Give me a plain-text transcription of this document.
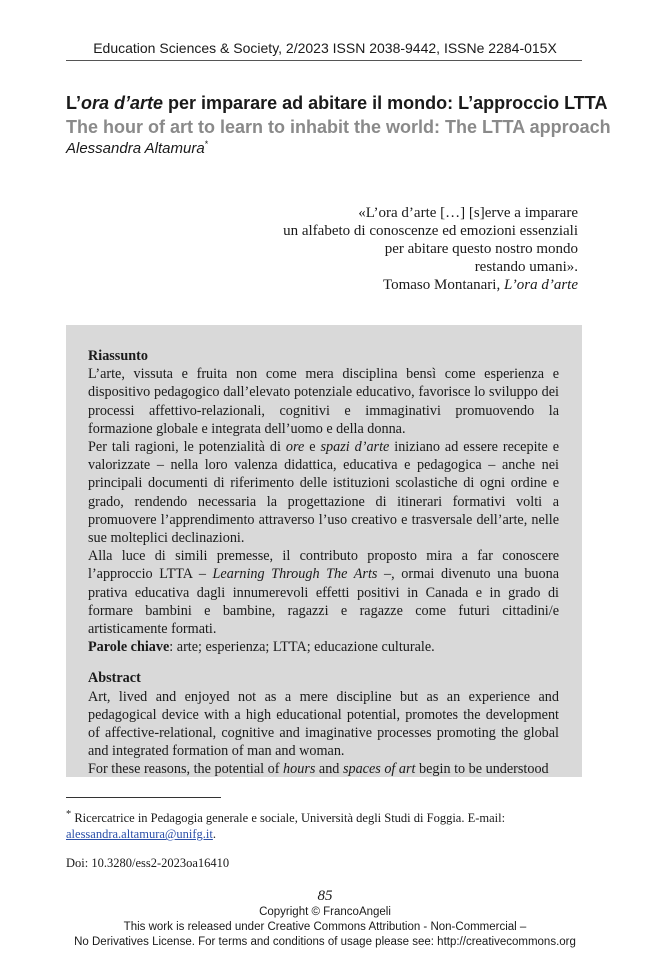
Education Sciences & Society, 2/2023 ISSN 2038-9442, ISSNe 2284-015X
L’ora d’arte per imparare ad abitare il mondo: L’approccio LTTA
The hour of art to learn to inhabit the world: The LTTA approach
Alessandra Altamura*
«L’ora d’arte […] [s]erve a imparare
un alfabeto di conoscenze ed emozioni essenziali
per abitare questo nostro mondo
restando umani».
Tomaso Montanari, L’ora d’arte
Riassunto

L’arte, vissuta e fruita non come mera disciplina bensì come esperienza e dispositivo pedagogico dall’elevato potenziale educativo, favorisce lo sviluppo dei processi affettivo-relazionali, cognitivi e immaginativi promuovendo la formazione globale e integrata dell’uomo e della donna.

Per tali ragioni, le potenzialità di ore e spazi d’arte iniziano ad essere recepite e valorizzate – nella loro valenza didattica, educativa e pedagogica – anche nei principali documenti di riferimento delle istituzioni scolastiche di ogni ordine e grado, rendendo necessaria la progettazione di itinerari formativi volti a promuovere l’apprendimento attraverso l’uso creativo e trasversale dell’arte, nelle sue molteplici declinazioni.

Alla luce di simili premesse, il contributo proposto mira a far conoscere l’approccio LTTA – Learning Through The Arts –, ormai divenuto una buona prativa educativa dagli innumerevoli effetti positivi in Canada e in grado di formare bambini e bambine, ragazzi e ragazze come futuri cittadini/e artisticamente formati.

Parole chiave: arte; esperienza; LTTA; educazione culturale.

Abstract

Art, lived and enjoyed not as a mere discipline but as an experience and pedagogical device with a high educational potential, promotes the development of affective-relational, cognitive and imaginative processes promoting the global and integrated formation of man and woman.

For these reasons, the potential of hours and spaces of art begin to be understood

* Ricercatrice in Pedagogia generale e sociale, Università degli Studi di Foggia. E-mail: alessandra.altamura@unifg.it.
Doi: 10.3280/ess2-2023oa16410
85
Copyright © FrancoAngeli
This work is released under Creative Commons Attribution - Non-Commercial –
No Derivatives License. For terms and conditions of usage please see: http://creativecommons.org
